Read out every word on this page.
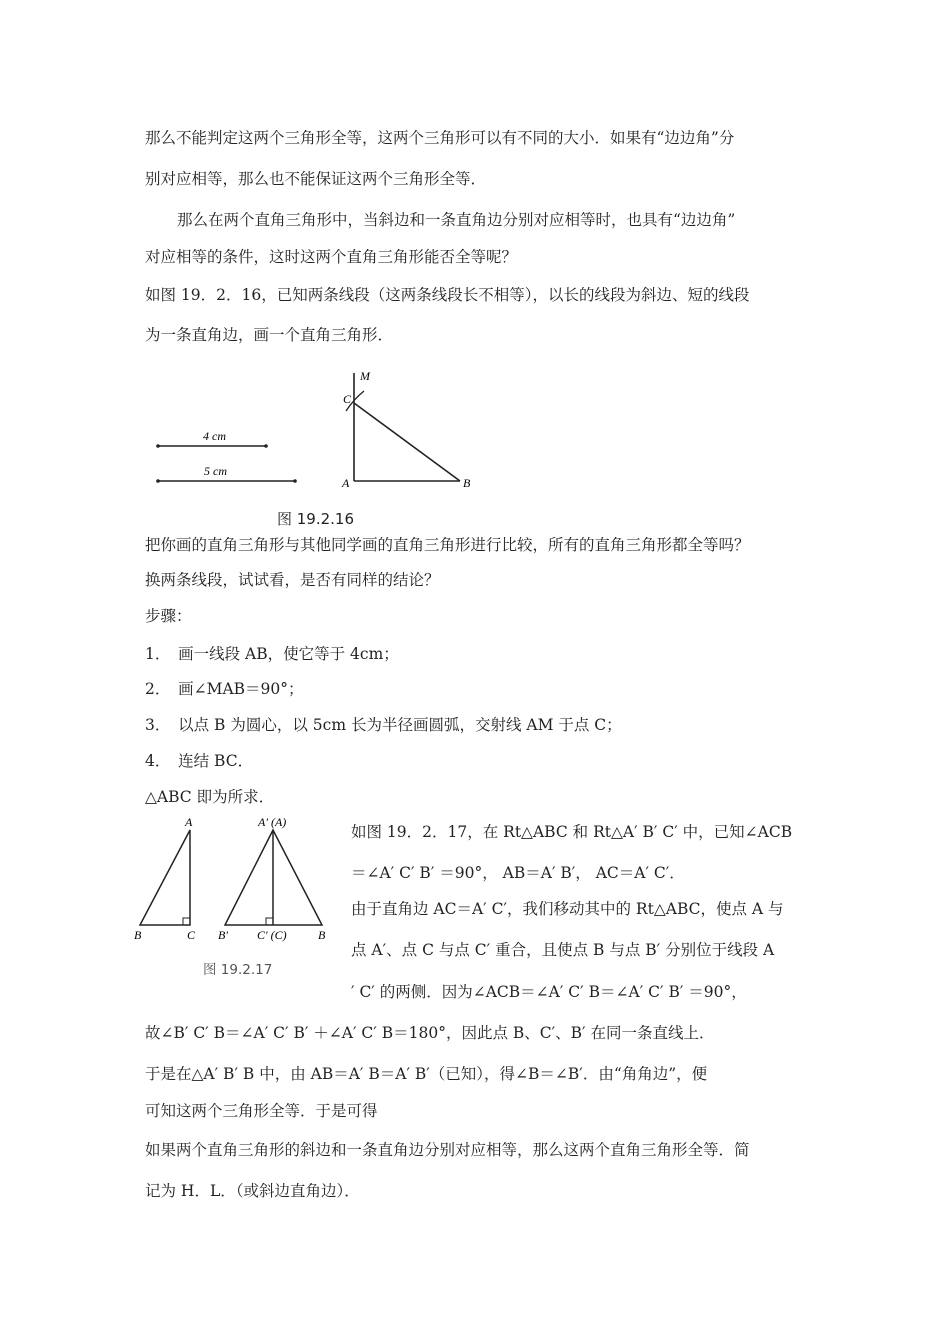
那么不能判定这两个三角形全等，这两个三角形可以有不同的大小．如果有“边边角”分
别对应相等，那么也不能保证这两个三角形全等．
那么在两个直角三角形中，当斜边和一条直角边分别对应相等时，也具有“边边角”
对应相等的条件，这时这两个直角三角形能否全等呢？
如图 19．2．16，已知两条线段（这两条线段长不相等），以长的线段为斜边、短的线段
为一条直角边，画一个直角三角形．
4 cm
5 cm
M
C
A	B
图 19.2.16
把你画的直角三角形与其他同学画的直角三角形进行比较，所有的直角三角形都全等吗？
换两条线段，试试看，是否有同样的结论？
步骤：
1．　画一线段 AB，使它等于 4cm；
2．　画∠MAB＝90°；
3．　以点 B 为圆心，以 5cm 长为半径画圆弧，交射线 AM 于点 C；
4．　连结 BC．
△ABC 即为所求．
A
B	C
A′ (A)
B′ C′ (C)	B
图 19.2.17
如图 19．2．17，在 Rt△ABC 和 Rt△A′ B′ C′ 中，已知∠ACB
＝∠A′ C′ B′ ＝90°， AB＝A′ B′， AC＝A′ C′．
由于直角边 AC＝A′ C′，我们移动其中的 Rt△ABC，使点 A 与
点 A′、点 C 与点 C′ 重合，且使点 B 与点 B′ 分别位于线段 A
′ C′ 的两侧．因为∠ACB＝∠A′ C′ B＝∠A′ C′ B′ ＝90°，
故∠B′ C′ B＝∠A′ C′ B′ ＋∠A′ C′ B＝180°，因此点 B、C′、B′ 在同一条直线上．
于是在△A′ B′ B 中，由 AB＝A′ B＝A′ B′（已知），得∠B＝∠B′．由“角角边”，便
可知这两个三角形全等．于是可得
如果两个直角三角形的斜边和一条直角边分别对应相等，那么这两个直角三角形全等．简
记为 H．L．（或斜边直角边）．
